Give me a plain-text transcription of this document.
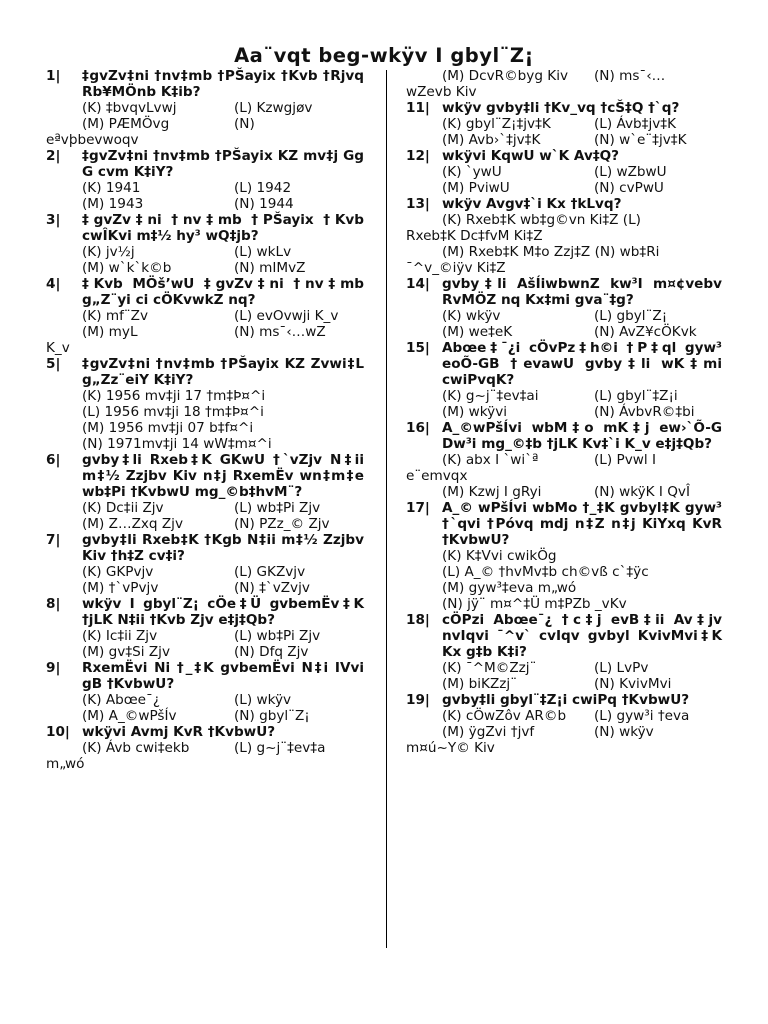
Aa¨vqt beg-wkÿv I gbyl¨Z¡
1|	‡gvZv‡ni †nv‡mb †PŠayix †Kvb †Rjvq Rb¥MÖnb K‡ib?
(K) ‡bvqvLvwj	(L) Kzwgjøv
(M) PÆMÖvg	(N)
eªvþbevwoqv
2|	‡gvZv‡ni †nv‡mb †PŠayix KZ mv‡j Gg G cvm K‡iY?
(K) 1941	(L) 1942
(M) 1943	(N) 1944
3|	‡gvZv‡ni †nv‡mb †PŠayix †Kvb cwÎKvi m‡½ hy³ wQ‡jb?
(K) jv½j	(L) wkLv
(M) w`k`k©b	(N) mIMvZ
4|	‡Kvb MÖš’wU ‡gvZv‡ni †nv‡mb g„Z¨yi ci cÖKvwkZ nq?
(K) mf¨Zv	(L) evOvwji K_v
(M) myL	(N) ms¯‹…wZ
K_v
5|	‡gvZv‡ni †nv‡mb †PŠayix KZ Zvwi‡L g„Zz¨eiY K‡iY?
(K) 1956 mv‡ji 17 †m‡Þ¤^i
(L) 1956 mv‡ji 18 †m‡Þ¤^i
(M) 1956 mv‡ji 07 b‡f¤^i
(N) 1971mv‡ji 14 wW‡m¤^i
6|	gvby‡li Rxeb‡K GKwU †`vZjv N‡ii m‡½ Zzjbv Kiv n‡j RxemËv wn‡m‡e wb‡Pi †KvbwU mg_©b‡hvM¨?
(K) Dc‡ii Zjv	(L) wb‡Pi Zjv
(M) Z…Zxq Zjv	(N) PZz_© Zjv
7|	gvby‡li Rxeb‡K †Kgb N‡ii m‡½ Zzjbv Kiv †h‡Z cv‡i?
(K) GKPvjv	(L) GKZvjv
(M) †`vPvjv	(N) ‡`vZvjv
8|	wkÿv I gbyl¨Z¡ cÖe‡Ü gvbemËv‡K †jLK N‡ii †Kvb Zjv e‡j‡Qb?
(K) Ic‡ii Zjv	(L) wb‡Pi Zjv
(M) gv‡Si Zjv	(N) Dfq Zjv
9|	RxemËvi Ni †_‡K gvbemËvi N‡i IVvi gB †KvbwU?
(K) Abœe¯¿	(L) wkÿv
(M) A_©wPšÍv	(N) gbyl¨Z¡
10| wkÿvi Avmj KvR †KvbwU?
(K) Ávb cwi‡ekb	(L) g~j¨‡ev‡a
m„wó
(M) DcvR©byg Kiv	(N) ms¯‹…
wZevb Kiv
11| wkÿv gvby‡li †Kv_vq †cŠ‡Q †`q?
(K) gbyl¨Z¡‡jv‡K	(L) Ávb‡jv‡K
(M) Avb›`‡jv‡K	(N) w`e¨‡jv‡K
12| wkÿvi KqwU w`K Av‡Q?
(K) `ywU	(L) wZbwU
(M) PviwU	(N) cvPwU
13| wkÿv Avgv‡`i Kx †kLvq?
(K) Rxeb‡K wb‡g©vn Ki‡Z (L)
Rxeb‡K Dc‡fvM Ki‡Z
(M) Rxeb‡K M‡o Zzj‡Z (N) wb‡Ri
¯^v_©iÿv Ki‡Z
14| gvby‡li AšÍiwbwnZ kw³I m¤¢vebv RvMÖZ nq Kx‡mi gva¨‡g?
(K) wkÿv	(L) gbyl¨Z¡
(M) we‡eK	(N) AvZ¥cÖKvk
15| Abœe‡¯¿i cÖvPz‡h©i †P‡ql gyw³ eoÕ-GB †evawU gvby‡li wK‡mi cwiPvqK?
(K) g~j¨‡ev‡ai	(L) gbyl¨‡Z¡i
(M) wkÿvi	(N) ÁvbvR©‡bi
16| A_©wPšÍvi wbM‡o mK‡j ew›`Õ-G Dw³i mg_©‡b †jLK Kv‡`i K_v e‡j‡Qb?
(K) abx I `wi`ª	(L) Pvwl I
e¨emvqx
(M) Kzwj I gRyi	(N) wkÿK I QvÎ
17| A_© wPšÍvi wbMo †_‡K gvbyl‡K gyw³ †`qvi †Póvq mdj n‡Z n‡j KiYxq KvR †KvbwU?
(K) K‡Vvi cwikÖg
(L) A_© †hvMv‡b ch©vß c`‡ÿc
(M) gyw³‡eva m„wó
(N) jÿ¨ m¤^‡Ü m‡PZb _vKv
18| cÖPzi Abœe¯¿ †c‡j evB‡ii Av‡jv nvIqvi ¯^v` cvIqv gvbyl KvivMvi‡K Kx g‡b K‡i?
(K) ¯^M©Zzj¨	(L) LvPv
(M) biKZzj¨	(N) KvivMvi
19| gvby‡li gbyl¨‡Z¡i cwiPq †KvbwU?
(K) cÖwZôv AR©b	(L) gyw³i †eva
(M) ÿgZvi †jvf	(N) wkÿv
m¤ú~Y© Kiv
